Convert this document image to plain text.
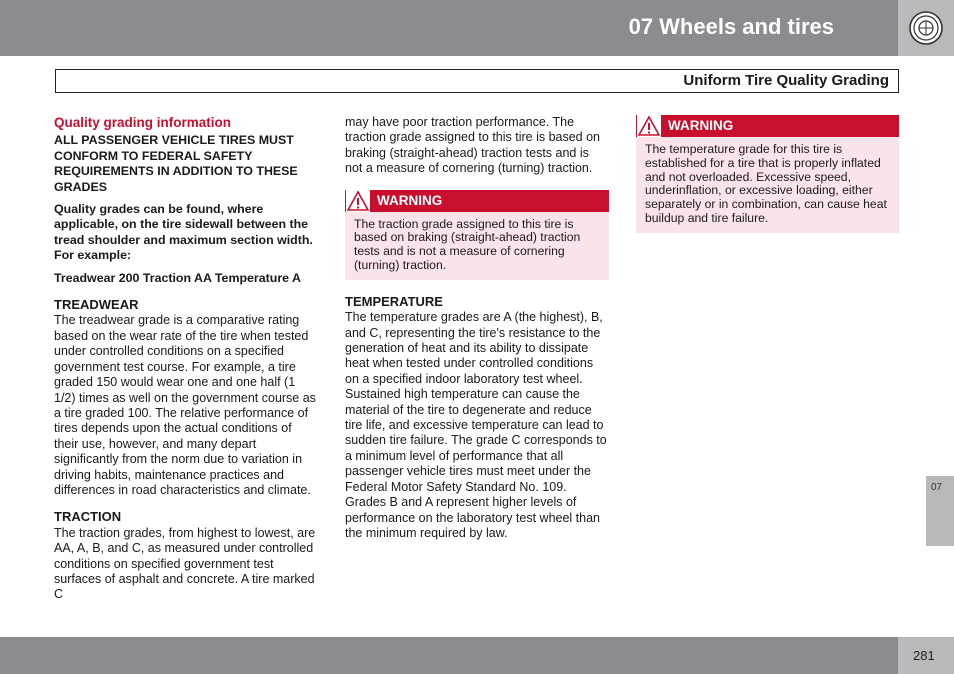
07 Wheels and tires
Uniform Tire Quality Grading
Quality grading information

ALL PASSENGER VEHICLE TIRES MUST CONFORM TO FEDERAL SAFETY REQUIREMENTS IN ADDITION TO THESE GRADES

Quality grades can be found, where applicable, on the tire sidewall between the tread shoulder and maximum section width. For example:

Treadwear 200 Traction AA Temperature A

TREADWEAR

The treadwear grade is a comparative rating based on the wear rate of the tire when tested under controlled conditions on a specified government test course. For example, a tire graded 150 would wear one and one half (1 1/2) times as well on the government course as a tire graded 100. The relative performance of tires depends upon the actual conditions of their use, however, and many depart significantly from the norm due to variation in driving habits, maintenance practices and differences in road characteristics and climate.

TRACTION

The traction grades, from highest to lowest, are AA, A, B, and C, as measured under controlled conditions on specified government test surfaces of asphalt and concrete. A tire marked C

may have poor traction performance. The traction grade assigned to this tire is based on braking (straight-ahead) traction tests and is not a measure of cornering (turning) traction.

WARNING
The traction grade assigned to this tire is based on braking (straight-ahead) traction tests and is not a measure of cornering (turning) traction.
TEMPERATURE

The temperature grades are A (the highest), B, and C, representing the tire's resistance to the generation of heat and its ability to dissipate heat when tested under controlled conditions on a specified indoor laboratory test wheel. Sustained high temperature can cause the material of the tire to degenerate and reduce tire life, and excessive temperature can lead to sudden tire failure. The grade C corresponds to a minimum level of performance that all passenger vehicle tires must meet under the Federal Motor Safety Standard No. 109. Grades B and A represent higher levels of performance on the laboratory test wheel than the minimum required by law.

WARNING
The temperature grade for this tire is established for a tire that is properly inflated and not overloaded. Excessive speed, underinflation, or excessive loading, either separately or in combination, can cause heat buildup and tire failure.
07
281
